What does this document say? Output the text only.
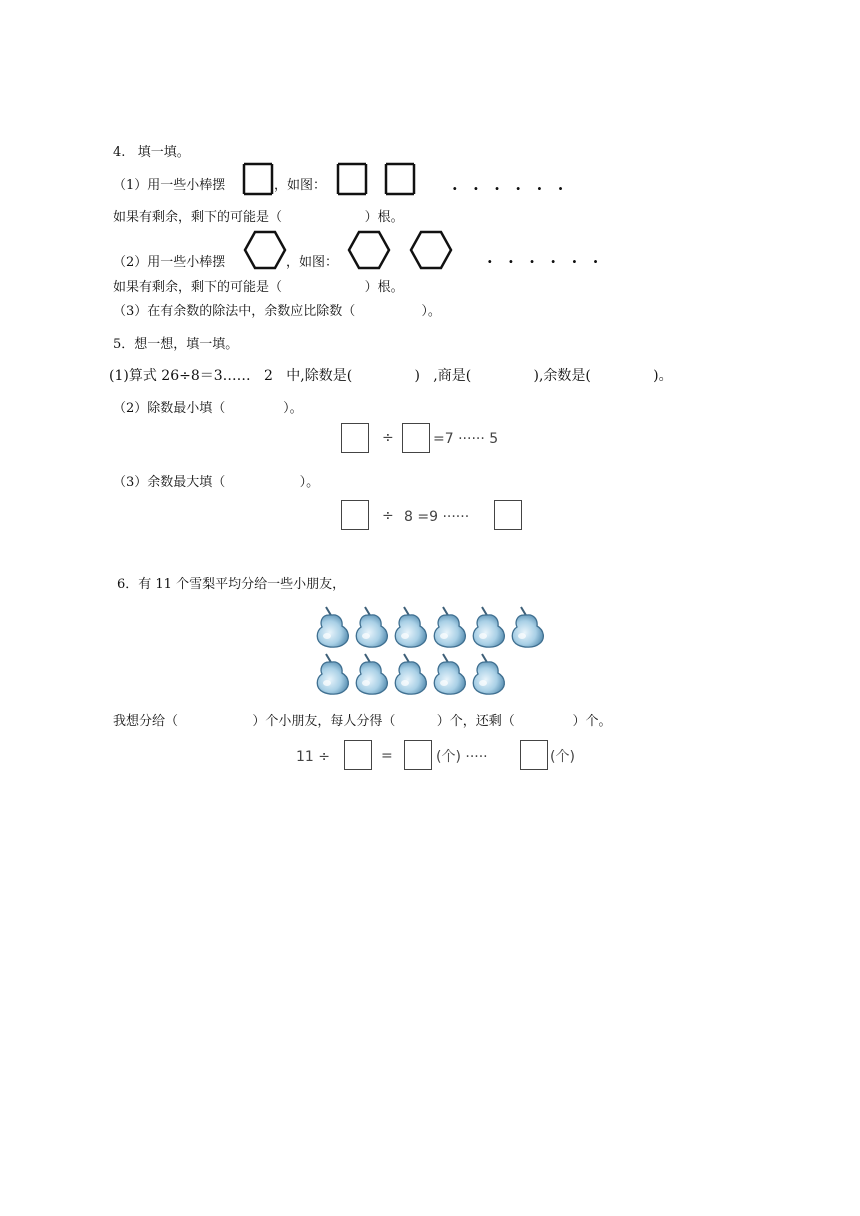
4.   填一填。
（1）用一些小棒摆	，如图：	· · · · · ·
如果有剩余，剩下的可能是（                    ）根。
（2）用一些小棒摆	，如图：	· · · · · ·
如果有剩余，剩下的可能是（                    ）根。
（3）在有余数的除法中，余数应比除数（                ）。
5．想一想，填一填。
(1)算式 26÷8＝3……   2   中,除数是(              )   ,商是(              ),余数是(              )。
（2）除数最小填（              ）。
÷	=7 ······ 5
（3）余数最大填（                  ）。
÷ 8 =9 ······
6．有 11 个雪梨平均分给一些小朋友，
我想分给（                  ）个小朋友，每人分得（          ）个，还剩（              ）个。
11 ÷	=	(个) ·····	(个)
